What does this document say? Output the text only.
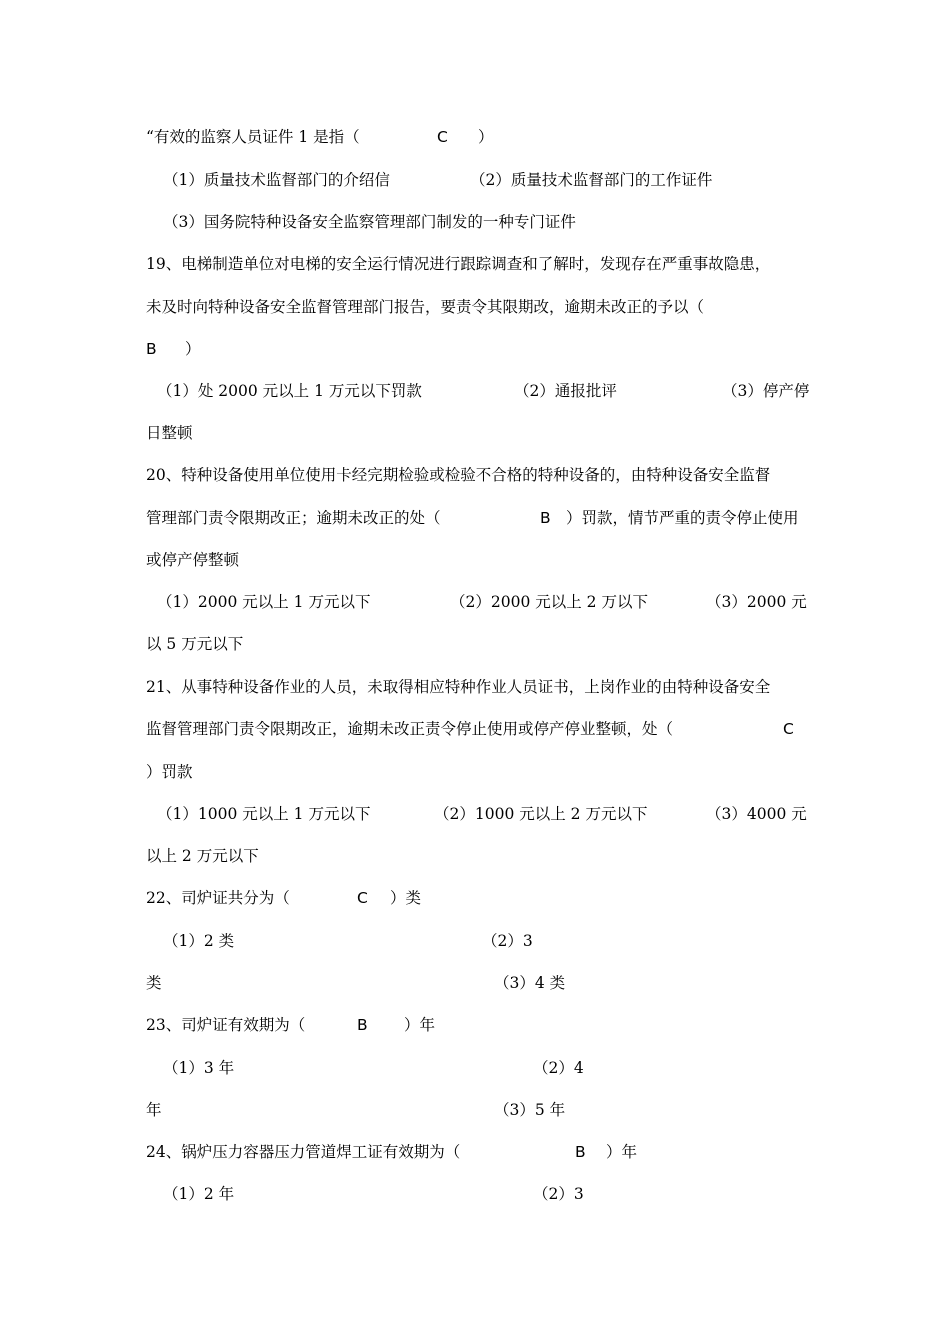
“有效的监察人员证件 1 是指（	C ）
（1）质量技术监督部门的介绍信	（2）质量技术监督部门的工作证件
（3）国务院特种设备安全监察管理部门制发的一种专门证件
19、电梯制造单位对电梯的安全运行情况进行跟踪调查和了解时，发现存在严重事故隐患，
未及时向特种设备安全监督管理部门报告，要责令其限期改，逾期未改正的予以（
B ）
（1）处 2000 元以上 1 万元以下罚款	（2）通报批评	（3）停产停
日整顿
20、特种设备使用单位使用卡经完期检验或检验不合格的特种设备的，由特种设备安全监督
管理部门责令限期改正；逾期未改正的处（	B ）罚款，情节严重的责令停止使用
或停产停整顿
（1）2000 元以上 1 万元以下	（2）2000 元以上 2 万以下	（3）2000 元
以 5 万元以下
21、从事特种设备作业的人员，未取得相应特种作业人员证书，上岗作业的由特种设备安全
监督管理部门责令限期改正，逾期未改正责令停止使用或停产停业整顿，处（	C
）罚款
（1）1000 元以上 1 万元以下	（2）1000 元以上 2 万元以下	（3）4000 元
以上 2 万元以下
22、司炉证共分为（	C ）类
（1）2 类	（2）3
类	（3）4 类
23、司炉证有效期为（	B ）年
（1）3 年	（2）4
年	（3）5 年
24、锅炉压力容器压力管道焊工证有效期为（	B ）年
（1）2 年	（2）3
